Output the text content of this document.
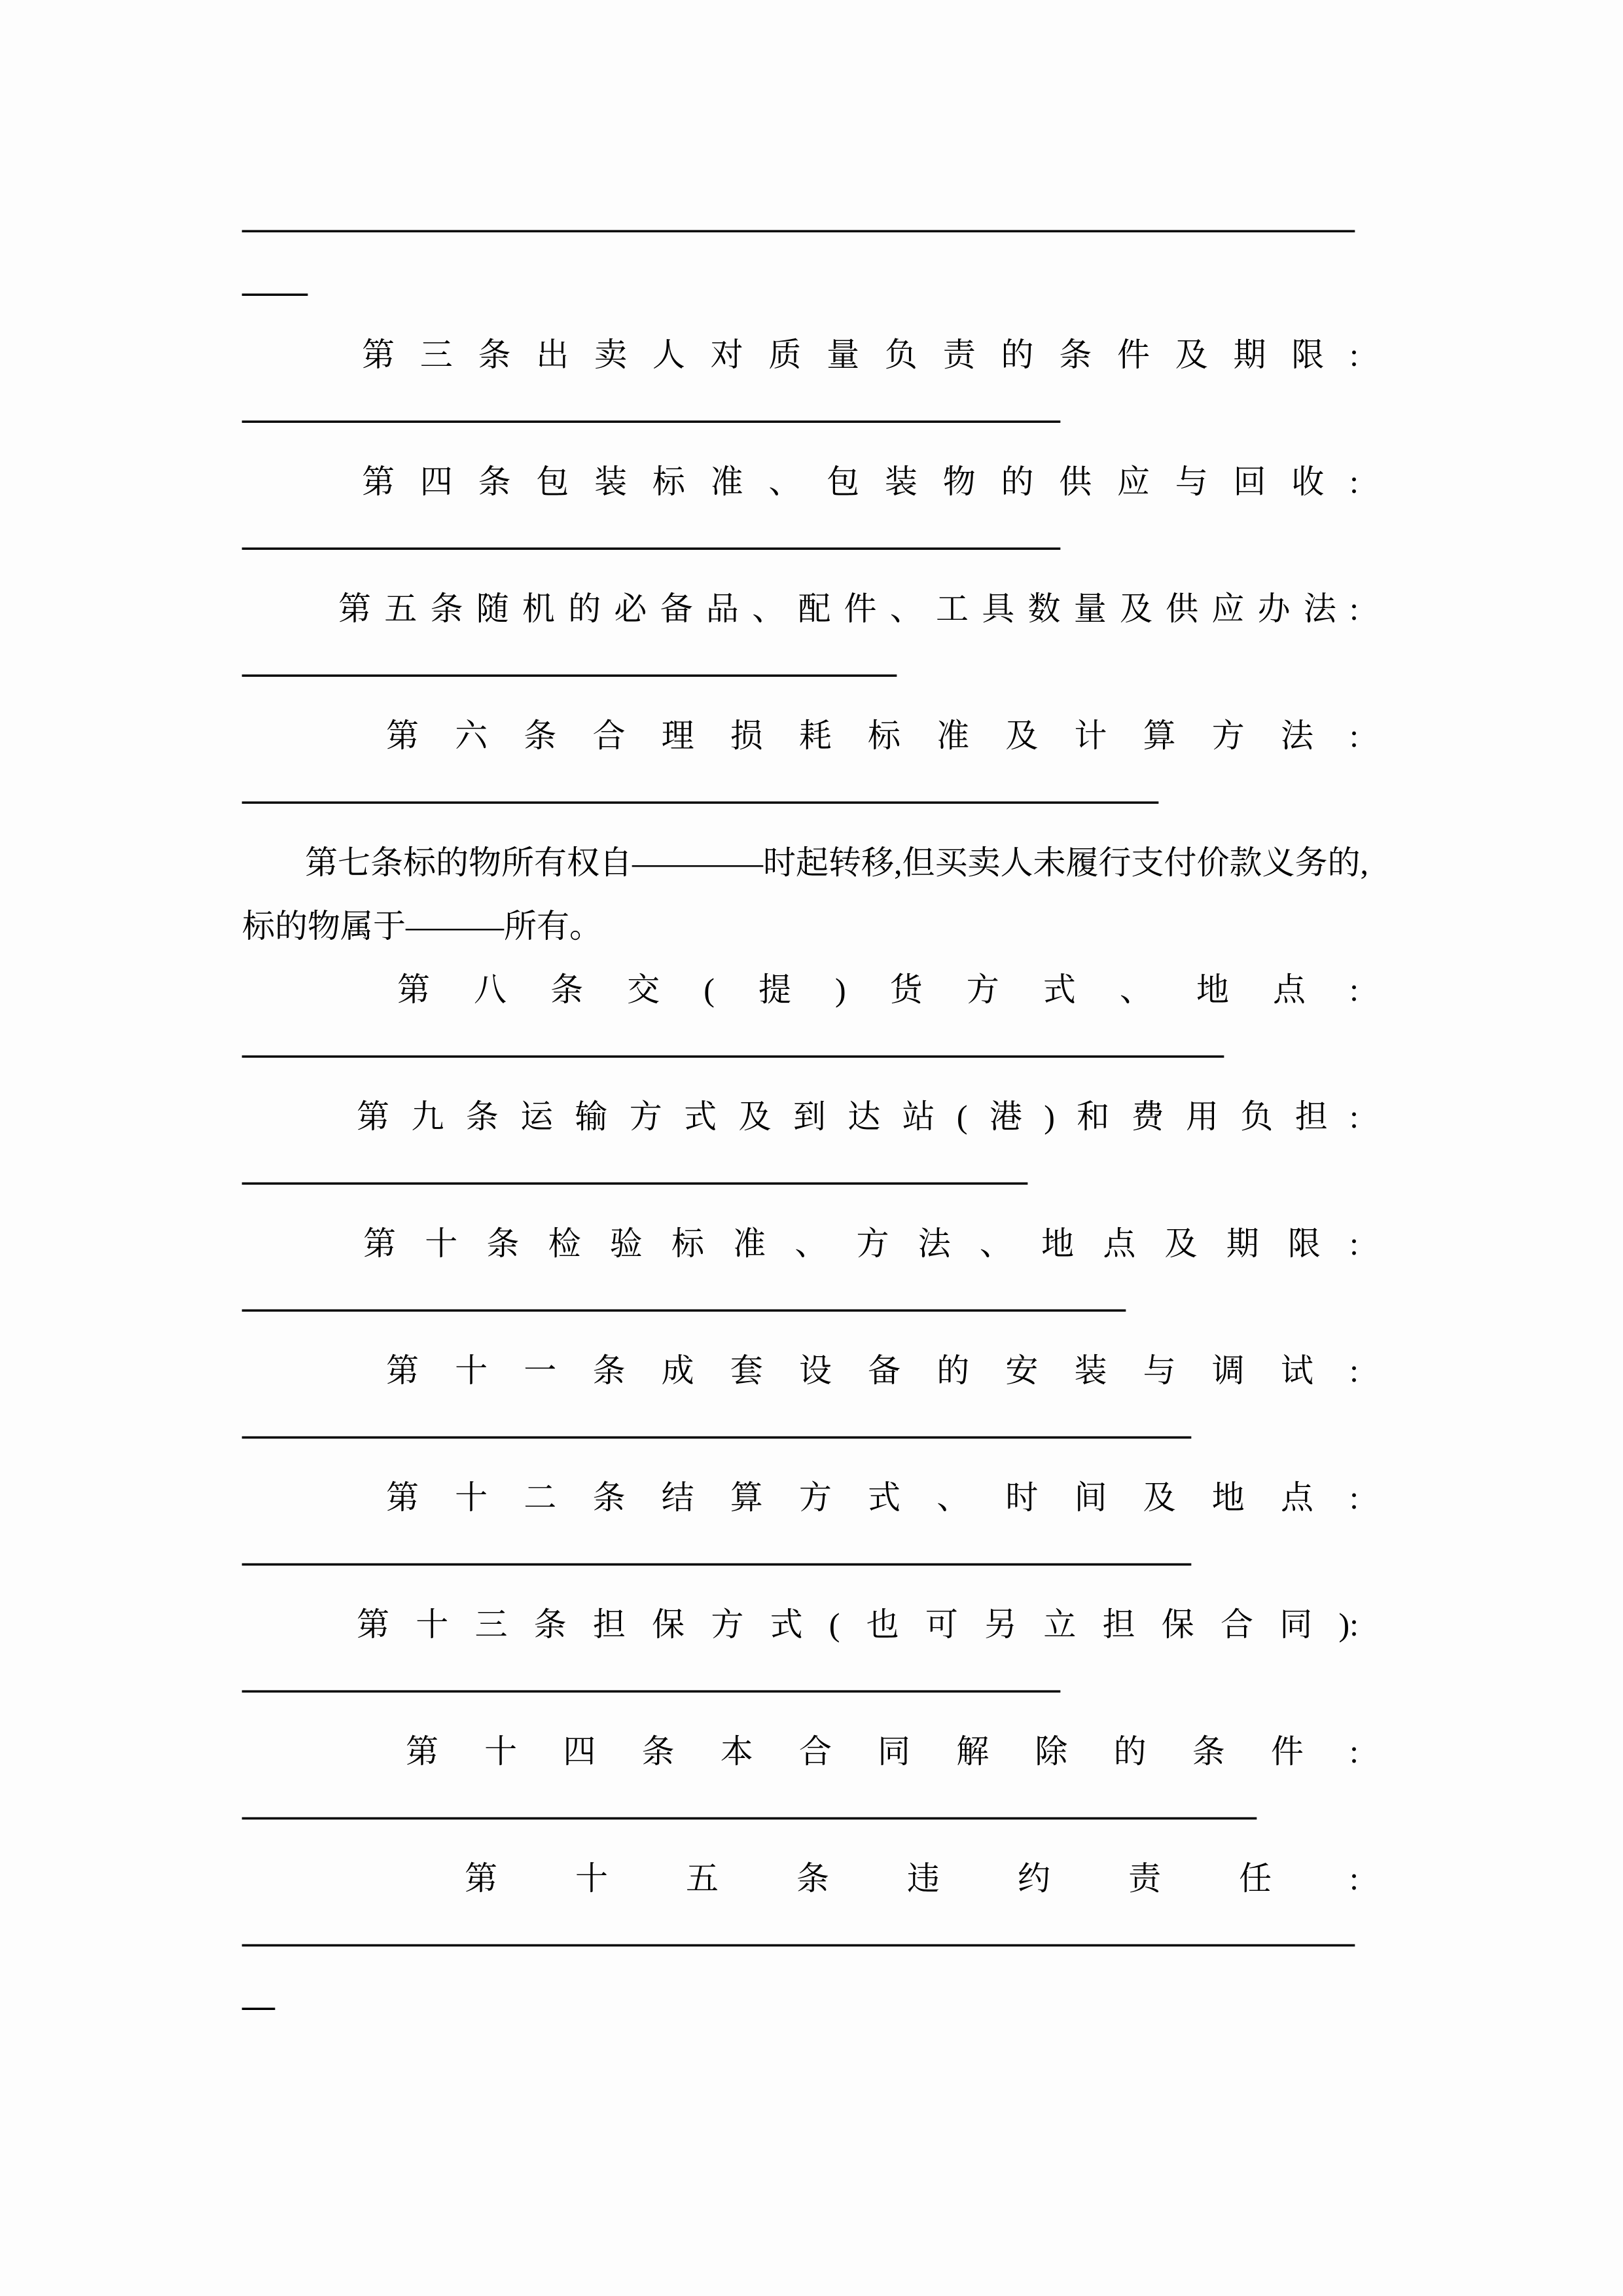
——————————————————————————————————
——
第三条出卖人对质量负责的条件及期限:
—————————————————————————
第四条包装标准、包装物的供应与回收:
—————————————————————————
第五条随机的必备品、配件、工具数量及供应办法:
————————————————————
第六条合理损耗标准及计算方法:
————————————————————————————
第七条标的物所有权自————时起转移,但买卖人未履行支付价款义务的,
标的物属于———所有。
第八条交(提)货方式、地点:
——————————————————————————————
第九条运输方式及到达站(港)和费用负担:
————————————————————————
第十条检验标准、方法、地点及期限:
———————————————————————————
第十一条成套设备的安装与调试:
—————————————————————————————
第十二条结算方式、时间及地点:
—————————————————————————————
第十三条担保方式(也可另立担保合同):
—————————————————————————
第十四条本合同解除的条件:
———————————————————————————————
第十五条违约责任:
——————————————————————————————————
—
